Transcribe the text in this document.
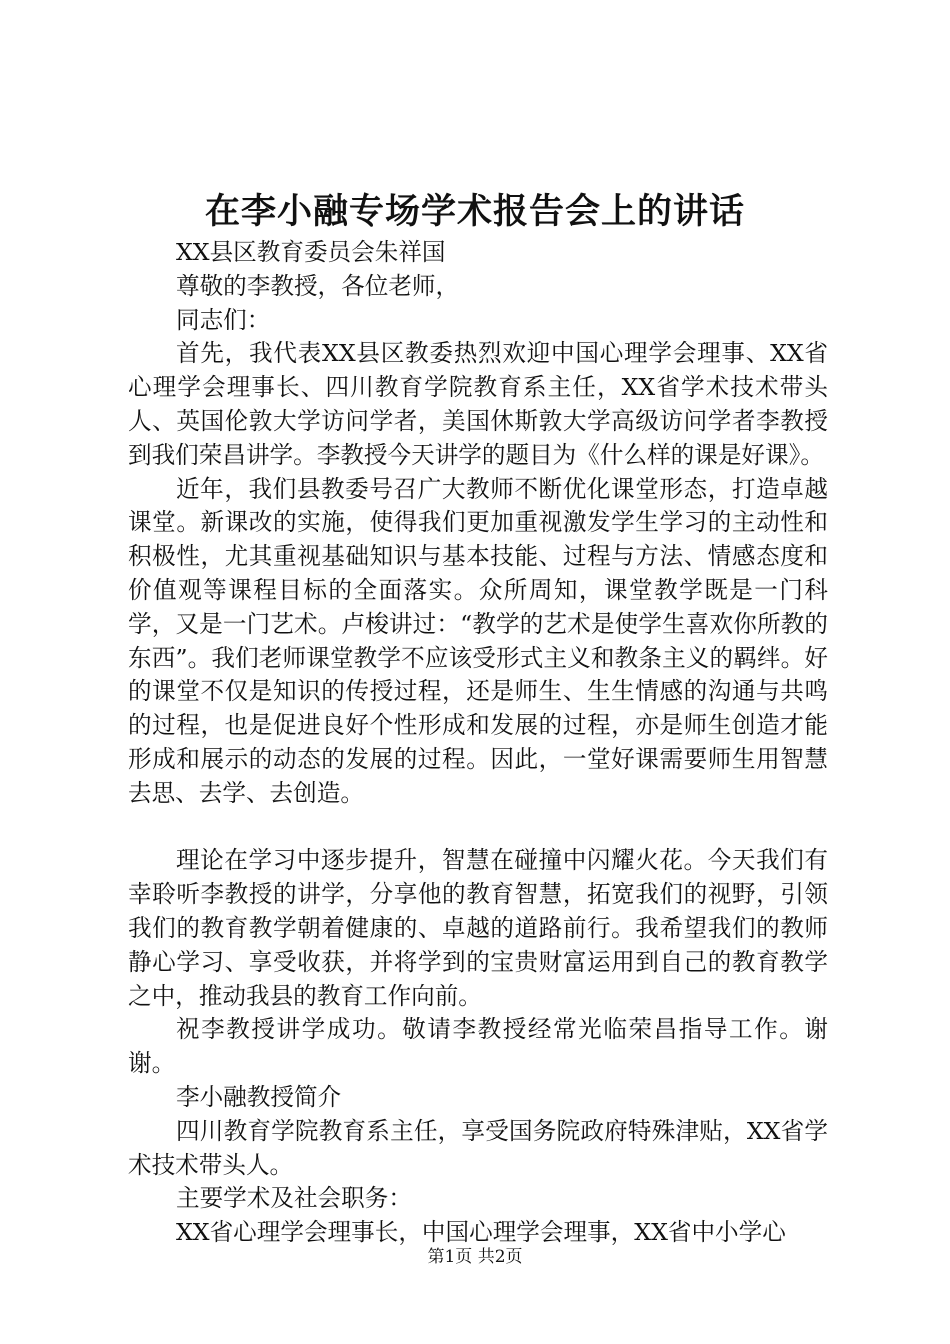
在李小融专场学术报告会上的讲话

XX县区教育委员会朱祥国

尊敬的李教授，各位老师，

同志们：

首先，我代表XX县区教委热烈欢迎中国心理学会理事、XX省心理学会理事长、四川教育学院教育系主任，XX省学术技术带头人、英国伦敦大学访问学者，美国休斯敦大学高级访问学者李教授到我们荣昌讲学。李教授今天讲学的题目为《什么样的课是好课》。

近年，我们县教委号召广大教师不断优化课堂形态，打造卓越课堂。新课改的实施，使得我们更加重视激发学生学习的主动性和积极性，尤其重视基础知识与基本技能、过程与方法、情感态度和价值观等课程目标的全面落实。众所周知，课堂教学既是一门科学，又是一门艺术。卢梭讲过：“教学的艺术是使学生喜欢你所教的东西”。我们老师课堂教学不应该受形式主义和教条主义的羁绊。好的课堂不仅是知识的传授过程，还是师生、生生情感的沟通与共鸣的过程，也是促进良好个性形成和发展的过程，亦是师生创造才能形成和展示的动态的发展的过程。因此，一堂好课需要师生用智慧去思、去学、去创造。

理论在学习中逐步提升，智慧在碰撞中闪耀火花。今天我们有幸聆听李教授的讲学，分享他的教育智慧，拓宽我们的视野，引领我们的教育教学朝着健康的、卓越的道路前行。我希望我们的教师静心学习、享受收获，并将学到的宝贵财富运用到自己的教育教学之中，推动我县的教育工作向前。

祝李教授讲学成功。敬请李教授经常光临荣昌指导工作。谢谢。

李小融教授简介

四川教育学院教育系主任，享受国务院政府特殊津贴，XX省学术技术带头人。

主要学术及社会职务：

XX省心理学会理事长，中国心理学会理事，XX省中小学心

第1页 共2页
